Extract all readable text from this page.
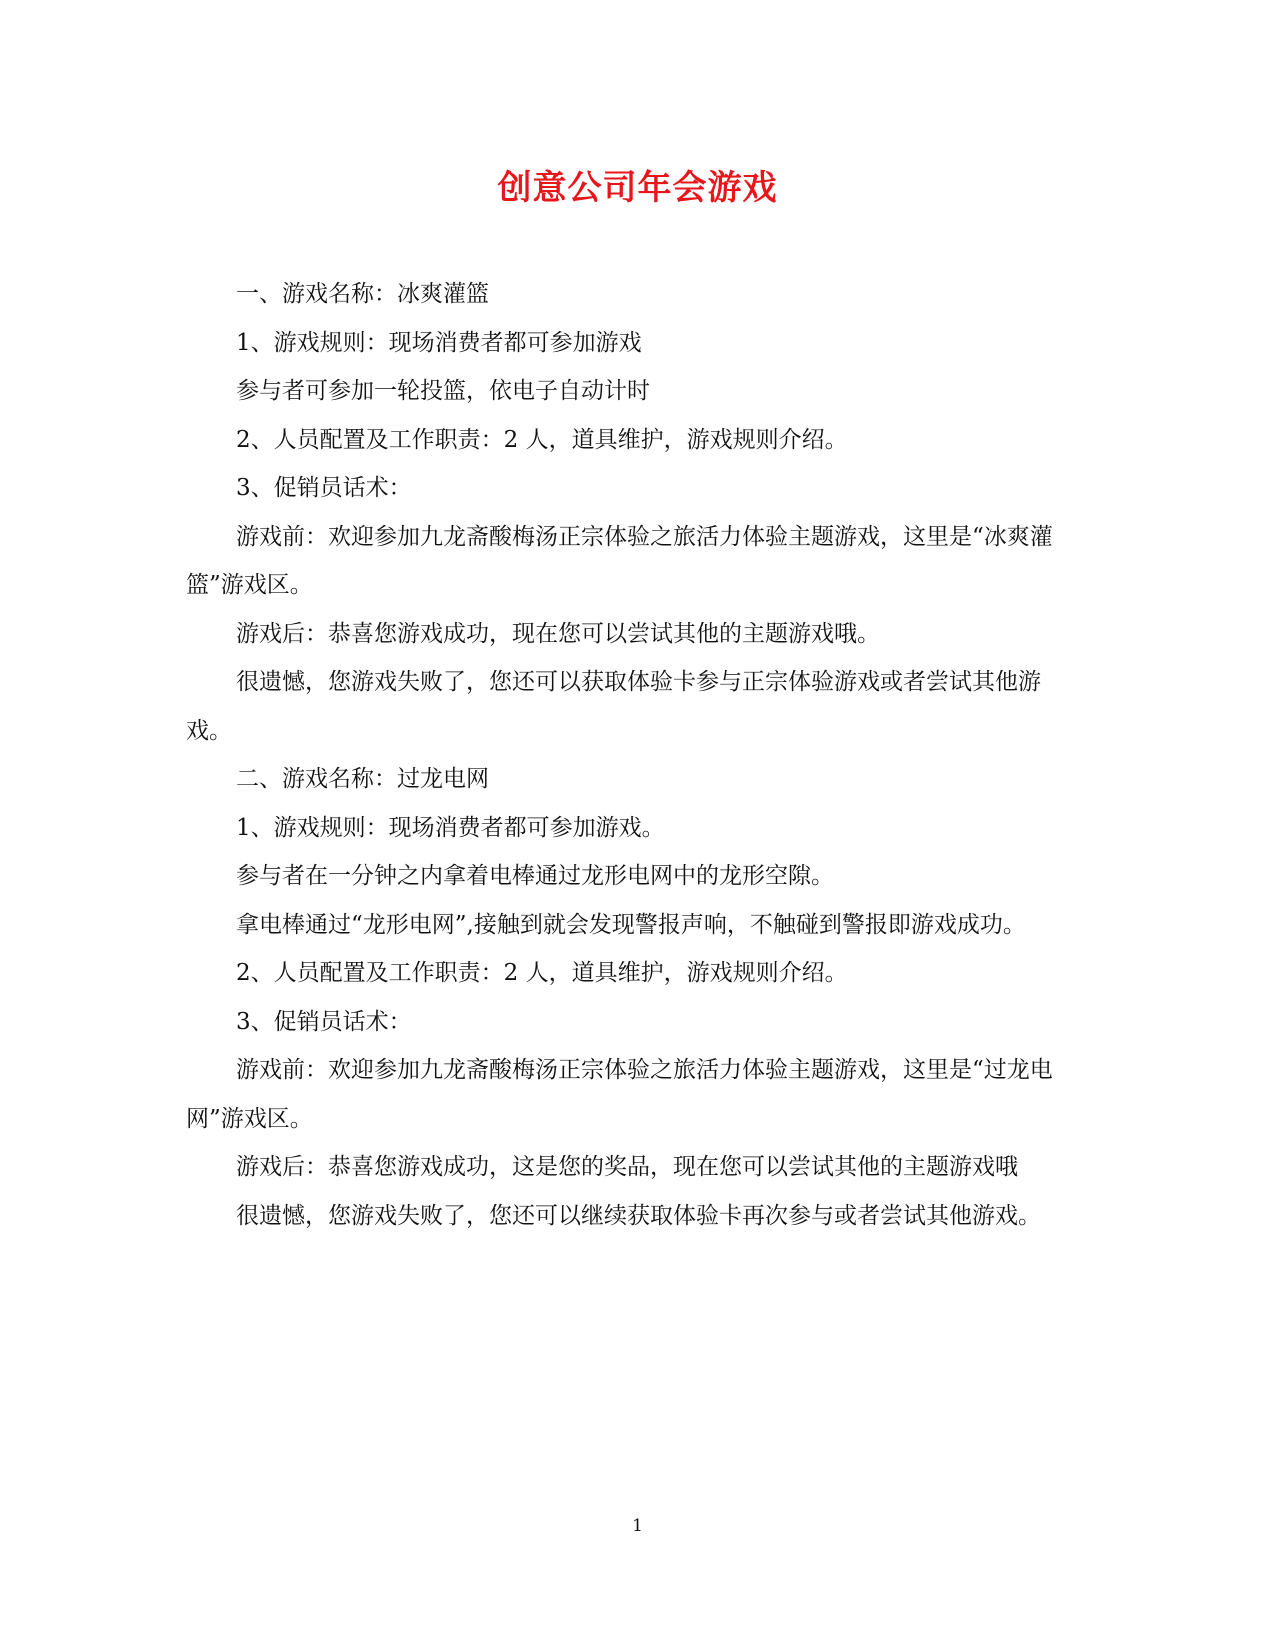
创意公司年会游戏

一、游戏名称：冰爽灌篮

1、游戏规则：现场消费者都可参加游戏

参与者可参加一轮投篮，依电子自动计时

2、人员配置及工作职责：2 人，道具维护，游戏规则介绍。

3、促销员话术：

游戏前：欢迎参加九龙斋酸梅汤正宗体验之旅活力体验主题游戏，这里是“冰爽灌篮”游戏区。

游戏后：恭喜您游戏成功，现在您可以尝试其他的主题游戏哦。

很遗憾，您游戏失败了，您还可以获取体验卡参与正宗体验游戏或者尝试其他游戏。

二、游戏名称：过龙电网

1、游戏规则：现场消费者都可参加游戏。

参与者在一分钟之内拿着电棒通过龙形电网中的龙形空隙。

拿电棒通过“龙形电网”,接触到就会发现警报声响，不触碰到警报即游戏成功。

2、人员配置及工作职责：2 人，道具维护，游戏规则介绍。

3、促销员话术：

游戏前：欢迎参加九龙斋酸梅汤正宗体验之旅活力体验主题游戏，这里是“过龙电网”游戏区。

游戏后：恭喜您游戏成功，这是您的奖品，现在您可以尝试其他的主题游戏哦

很遗憾，您游戏失败了，您还可以继续获取体验卡再次参与或者尝试其他游戏。

1
